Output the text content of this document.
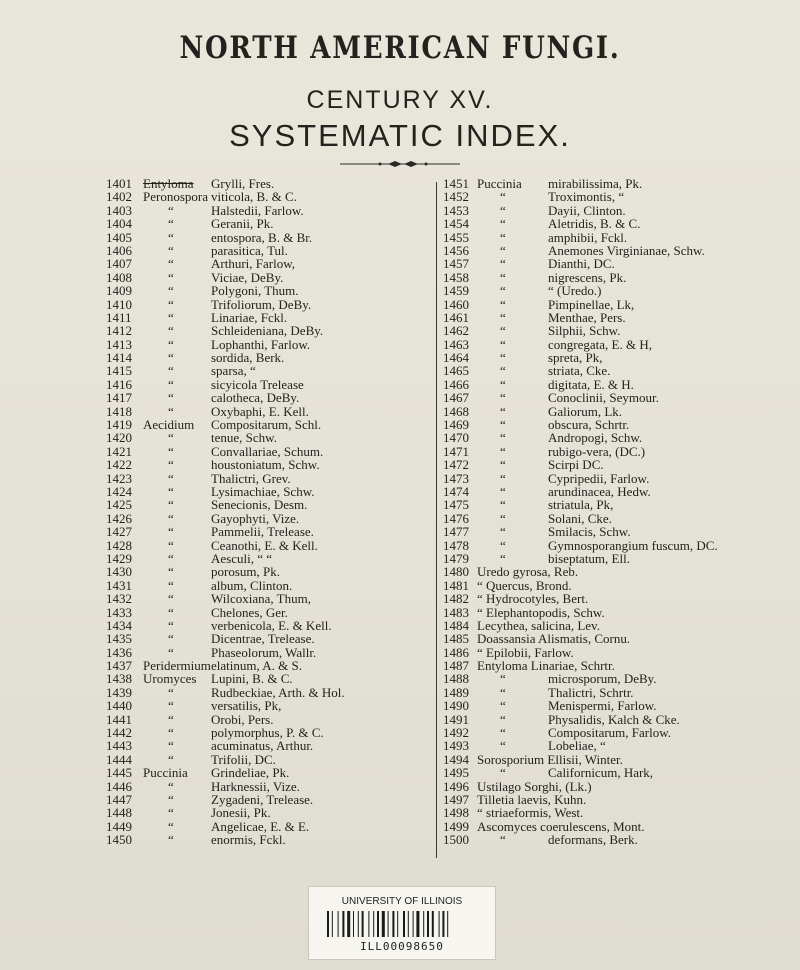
NORTH AMERICAN FUNGI.
CENTURY XV.
SYSTEMATIC INDEX.
1401 Entyloma Grylli, Fres.
1402 Peronospora viticola, B. & C.
1403	“	Halstedii, Farlow.
1404	“	Geranii, Pk.
1405	“	entospora, B. & Br.
1406	“	parasitica, Tul.
1407	“	Arthuri, Farlow,
1408	“	Viciae, DeBy.
1409	“	Polygoni, Thum.
1410	“	Trifoliorum, DeBy.
1411	“	Linariae, Fckl.
1412	“	Schleideniana, DeBy.
1413	“	Lophanthi, Farlow.
1414	“	sordida, Berk.
1415	“	sparsa, “
1416	“	sicyicola Trelease
1417	“	calotheca, DeBy.
1418	“	Oxybaphi, E. Kell.
1419 Aecidium Compositarum, Schl.
1420	“	tenue, Schw.
1421	“	Convallariae, Schum.
1422	“	houstoniatum, Schw.
1423	“	Thalictri, Grev.
1424	“	Lysimachiae, Schw.
1425	“	Senecionis, Desm.
1426	“	Gayophyti, Vize.
1427	“	Pammelii, Trelease.
1428	“	Ceanothi, E. & Kell.
1429	“	Aesculi, “ “
1430	“	porosum, Pk.
1431	“	album, Clinton.
1432	“	Wilcoxiana, Thum,
1433	“	Chelones, Ger.
1434	“	verbenicola, E. & Kell.
1435	“	Dicentrae, Trelease.
1436	“	Phaseolorum, Wallr.
1437 Peridermium elatinum, A. & S.
1438 Uromyces Lupini, B. & C.
1439	“	Rudbeckiae, Arth. & Hol.
1440	“	versatilis, Pk,
1441	“	Orobi, Pers.
1442	“	polymorphus, P. & C.
1443	“	acuminatus, Arthur.
1444	“	Trifolii, DC.
1445 Puccinia Grindeliae, Pk.
1446	“	Harknessii, Vize.
1447	“	Zygadeni, Trelease.
1448	“	Jonesii, Pk.
1449	“	Angelicae, E. & E.
1450	“	enormis, Fckl.
1451 Puccinia mirabilissima, Pk.
1452 “	Troximontis, “
1453 “	Dayii, Clinton.
1454 “	Aletridis, B. & C.
1455 “	amphibii, Fckl.
1456 “	Anemones Virginianae, Schw.
1457 “	Dianthi, DC.
1458 “	nigrescens, Pk.
1459 “	“ (Uredo.)
1460 “	Pimpinellae, Lk,
1461 “	Menthae, Pers.
1462 “	Silphii, Schw.
1463 “	congregata, E. & H,
1464 “	spreta, Pk,
1465 “	striata, Cke.
1466 “	digitata, E. & H.
1467 “	Conoclinii, Seymour.
1468 “	Galiorum, Lk.
1469 “	obscura, Schrtr.
1470 “	Andropogi, Schw.
1471 “	rubigo-vera, (DC.)
1472 “	Scirpi DC.
1473 “	Cypripedii, Farlow.
1474 “	arundinacea, Hedw.
1475 “	striatula, Pk,
1476 “	Solani, Cke.
1477 “	Smilacis, Schw.
1478 “	Gymnosporangium fuscum, DC.
1479 “	biseptatum, Ell.
1480 Uredo gyrosa, Reb.
1481 “ Quercus, Brond.
1482 “ Hydrocotyles, Bert.
1483 “ Elephantopodis, Schw.
1484 Lecythea, salicina, Lev.
1485 Doassansia Alismatis, Cornu.
1486 “ Epilobii, Farlow.
1487 Entyloma Linariae, Schrtr.
1488 “	microsporum, DeBy.
1489 “	Thalictri, Schrtr.
1490 “	Menispermi, Farlow.
1491 “	Physalidis, Kalch & Cke.
1492 “	Compositarum, Farlow.
1493 “	Lobeliae, “
1494 Sorosporium Ellisii, Winter.
1495 “	Californicum, Hark,
1496 Ustilago Sorghi, (Lk.)
1497 Tilletia laevis, Kuhn.
1498 “ striaeformis, West.
1499 Ascomyces coerulescens, Mont.
1500 “	deformans, Berk.
UNIVERSITY OF ILLINOIS
ILL00098650
